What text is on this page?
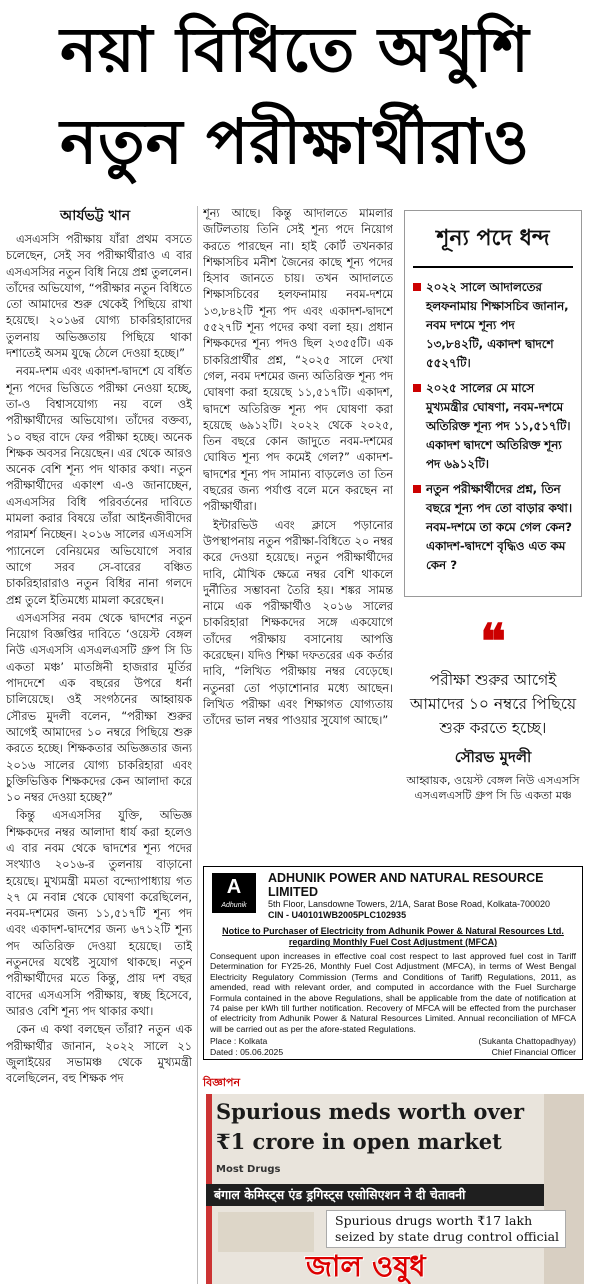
নয়া বিধিতে অখুশি
নতুন পরীক্ষার্থীরাও
আর্যভট্ট খান

এসএসসি পরীক্ষায় যাঁরা প্রথম বসতে চলেছেন, সেই সব পরীক্ষার্থীরাও এ বার এসএসসির নতুন বিধি নিয়ে প্রশ্ন তুললেন। তাঁদের অভিযোগ, “পরীক্ষার নতুন বিধিতে তো আমাদের শুরু থেকেই পিছিয়ে রাখা হয়েছে। ২০১৬র যোগ্য চাকরিহারাদের তুলনায় অভিজ্ঞতায় পিছিয়ে থাকা দশাতেই অসম যুদ্ধে ঠেলে দেওয়া হচ্ছে।”

নবম-দশম এবং একাদশ-দ্বাদশে যে বর্ধিত শূন্য পদের ভিত্তিতে পরীক্ষা নেওয়া হচ্ছে, তা-ও বিশ্বাসযোগ্য নয় বলে ওই পরীক্ষার্থীদের অভিযোগ। তাঁদের বক্তব্য, ১০ বছর বাদে ফের পরীক্ষা হচ্ছে। অনেক শিক্ষক অবসর নিয়েছেন। এর থেকে আরও অনেক বেশি শূন্য পদ থাকার কথা। নতুন পরীক্ষার্থীদের একাংশ এ-ও জানাচ্ছেন, এসএসসির বিধি পরিবর্তনের দাবিতে মামলা করার বিষয়ে তাঁরা আইনজীবীদের পরামর্শ নিচ্ছেন। ২০১৬ সালের এসএসসি প্যানেলে বেনিয়মের অভিযোগে সবার আগে সরব সে-বারের বঞ্চিত চাকরিহারারাও নতুন বিধির নানা গলদে প্রশ্ন তুলে ইতিমধ্যে মামলা করেছেন।

এসএসসির নবম থেকে দ্বাদশের নতুন নিয়োগ বিজ্ঞপ্তির দাবিতে ‘ওয়েস্ট বেঙ্গল নিউ এসএসসি এসএলএসটি গ্রুপ সি ডি একতা মঞ্চ’ মাতঙ্গিনী হাজরার মূর্তির পাদদেশে এক বছরের উপরে ধর্না চালিয়েছে। ওই সংগঠনের আহ্বায়ক সৌরভ মুদলী বলেন, “পরীক্ষা শুরুর আগেই আমাদের ১০ নম্বরে পিছিয়ে শুরু করতে হচ্ছে। শিক্ষকতার অভিজ্ঞতার জন্য ২০১৬ সালের যোগ্য চাকরিহারা এবং চুক্তিভিত্তিক শিক্ষকদের কেন আলাদা করে ১০ নম্বর দেওয়া হচ্ছে?”

কিন্তু এসএসসির যুক্তি, অভিজ্ঞ শিক্ষকদের নম্বর আলাদা ধার্য করা হলেও এ বার নবম থেকে দ্বাদশের শূন্য পদের সংখ্যাও ২০১৬-র তুলনায় বাড়ানো হয়েছে। মুখ্যমন্ত্রী মমতা বন্দ্যোপাধ্যায় গত ২৭ মে নবান্ন থেকে ঘোষণা করেছিলেন, নবম-দশমের জন্য ১১,৫১৭টি শূন্য পদ এবং একাদশ-দ্বাদশের জন্য ৬৭১২টি শূন্য পদ অতিরিক্ত দেওয়া হয়েছে। তাই নতুনদের যথেষ্ট সুযোগ থাকছে। নতুন পরীক্ষার্থীদের মতে কিন্তু, প্রায় দশ বছর বাদের এসএসসি পরীক্ষায়, স্বচ্ছ হিসেবে, আরও বেশি শূন্য পদ থাকার কথা।

কেন এ কথা বলছেন তাঁরা? নতুন এক পরীক্ষার্থীর জানান, ২০২২ সালে ২১ জুলাইয়ের সভামঞ্চ থেকে মুখ্যমন্ত্রী বলেছিলেন, বহু শিক্ষক পদ

শূন্য আছে। কিন্তু আদালতে মামলার জটিলতায় তিনি সেই শূন্য পদে নিয়োগ করতে পারছেন না। হাই কোর্ট তখনকার শিক্ষাসচিব মনীশ জৈনের কাছে শূন্য পদের হিসাব জানতে চায়। তখন আদালতে শিক্ষাসচিবের হলফনামায় নবম-দশমে ১৩,৮৪২টি শূন্য পদ এবং একাদশ-দ্বাদশে ৫৫২৭টি শূন্য পদের কথা বলা হয়। প্রধান শিক্ষকদের শূন্য পদও ছিল ২৩৫৫টি। এক চাকরিপ্রার্থীর প্রশ্ন, “২০২৫ সালে দেখা গেল, নবম দশমের জন্য অতিরিক্ত শূন্য পদ ঘোষণা করা হয়েছে ১১,৫১৭টি। একাদশ, দ্বাদশে অতিরিক্ত শূন্য পদ ঘোষণা করা হয়েছে ৬৯১২টি। ২০২২ থেকে ২০২৫, তিন বছরে কোন জাদুতে নবম-দশমের ঘোষিত শূন্য পদ কমেই গেল?” একাদশ-দ্বাদশের শূন্য পদ সামান্য বাড়লেও তা তিন বছরের জন্য পর্যাপ্ত বলে মনে করছেন না পরীক্ষার্থীরা।

ইন্টারভিউ এবং ক্লাসে পড়ানোর উপস্থাপনায় নতুন পরীক্ষা-বিধিতে ২০ নম্বর করে দেওয়া হয়েছে। নতুন পরীক্ষার্থীদের দাবি, মৌখিক ক্ষেত্রে নম্বর বেশি থাকলে দুর্নীতির সম্ভাবনা তৈরি হয়। শঙ্কর সামন্ত নামে এক পরীক্ষার্থীও ২০১৬ সালের চাকরিহারা শিক্ষকদের সঙ্গে একযোগে তাঁদের পরীক্ষায় বসানোয় আপত্তি করেছেন। যদিও শিক্ষা দফতরের এক কর্তার দাবি, “লিখিত পরীক্ষায় নম্বর বেড়েছে। নতুনরা তো পড়াশোনার মধ্যে আছেন। লিখিত পরীক্ষা এবং শিক্ষাগত যোগ্যতায় তাঁদের ভাল নম্বর পাওয়ার সুযোগ আছে।”

শূন্য পদে ধন্দ
২০২২ সালে আদালতের হলফনামায় শিক্ষাসচিব জানান, নবম দশমে শূন্য পদ ১৩,৮৪২টি, একাদশ দ্বাদশে ৫৫২৭টি।
২০২৫ সালের মে মাসে মুখ্যমন্ত্রীর ঘোষণা, নবম-দশমে অতিরিক্ত শূন্য পদ ১১,৫১৭টি। একাদশ দ্বাদশে অতিরিক্ত শূন্য পদ ৬৯১২টি।
নতুন পরীক্ষার্থীদের প্রশ্ন, তিন বছরে শূন্য পদ তো বাড়ার কথা। নবম-দশমে তা কমে গেল কেন? একাদশ-দ্বাদশে বৃদ্ধিও এত কম কেন ?
❝
পরীক্ষা শুরুর আগেই আমাদের ১০ নম্বরে পিছিয়ে শুরু করতে হচ্ছে।
সৌরভ মুদলী
আহ্বায়ক, ওয়েস্ট বেঙ্গল নিউ এসএসসি এসএলএসটি গ্রুপ সি ডি একতা মঞ্চ
A
Adhunik
ADHUNIK POWER AND NATURAL RESOURCE LIMITED
5th Floor, Lansdowne Towers, 2/1A, Sarat Bose Road, Kolkata-700020
CIN - U40101WB2005PLC102935
Notice to Purchaser of Electricity from Adhunik Power & Natural Resources Ltd. regarding Monthly Fuel Cost Adjustment (MFCA)
Consequent upon increases in effective coal cost respect to last approved fuel cost in Tariff Determination for FY25-26, Monthly Fuel Cost Adjustment (MFCA), in terms of West Bengal Electricity Regulatory Commission (Terms and Conditions of Tariff) Regulations, 2011, as amended, read with relevant order, and computed in accordance with the Fuel Surcharge Formula contained in the above Regulations, shall be applicable from the date of notification at 74 paise per kWh till further notification. Recovery of MFCA will be effected from the purchaser of electricity from Adhunik Power & Natural Resources Limited. Annual reconciliation of MFCA will be carried out as per the afore-stated Regulations.
Place : Kolkata
Dated : 05.06.2025
(Sukanta Chattopadhyay)
Chief Financial Officer
বিজ্ঞাপন
Spurious meds worth over
₹1 crore in open market
Most Drugs
बंगाल केमिस्ट्स एंड ड्रगिस्ट्स एसोसिएशन ने दी चेतावनी
Spurious drugs worth ₹17 lakh
seized by state drug control official
জাল ওষুধ
